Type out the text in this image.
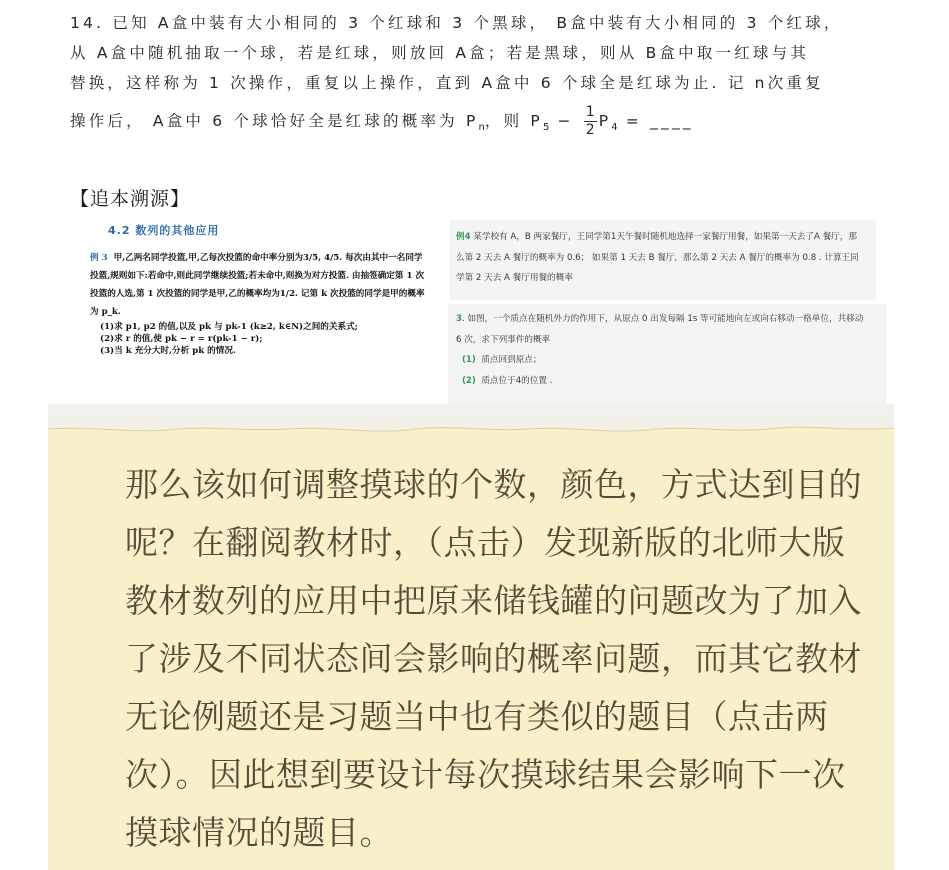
14. 已知 A盒中装有大小相同的 3 个红球和 3 个黑球， B盒中装有大小相同的 3 个红球，
从 A盒中随机抽取一个球，若是红球，则放回 A盒；若是黑球，则从 B盒中取一红球与其
替换，这样称为 1 次操作，重复以上操作，直到 A盒中 6 个球全是红球为止. 记 n次重复
操作后， A盒中 6 个球恰好全是红球的概率为 $P_n$，则 $P_5 - \frac{1}{2} P_4$ = ____
【追本溯源】
4.2 数列的其他应用
例 3 甲,乙两名同学投篮,甲,乙每次投篮的命中率分别为3/5, 4/5. 每次由其中一名同学
投篮,规则如下:若命中,则此同学继续投篮;若未命中,则换为对方投篮. 由抽签确定第 1 次
投篮的人选,第 1 次投篮的同学是甲,乙的概率均为1/2. 记第 k 次投篮的同学是甲的概率
为 p_k.
(1)求 p1, p2 的值,以及 pk 与 pk-1 (k≥2, k∈N)之间的关系式;
(2)求 r 的值,使 pk − r = r(pk-1 − r);
(3)当 k 充分大时,分析 pk 的情况.
例4 某学校有 A，B 两家餐厅，王同学第1天午餐时随机地选择一家餐厅用餐，如果第一天去了A 餐厅，那
么第 2 天去 A 餐厅的概率为 0.6； 如果第 1 天去 B 餐厅，那么第 2 天去 A 餐厅的概率为 0.8 . 计算王同
学第 2 天去 A 餐厅用餐的概率
3. 如图，一个质点在随机外力的作用下，从原点 0 出发每隔 1s 等可能地向左或向右移动一格单位，共移动
6 次，求下列事件的概率
(1) 质点回到原点；
(2) 质点位于4的位置 .
那么该如何调整摸球的个数，颜色，方式达到目的
呢？在翻阅教材时，（点击）发现新版的北师大版
教材数列的应用中把原来储钱罐的问题改为了加入
了涉及不同状态间会影响的概率问题，而其它教材
无论例题还是习题当中也有类似的题目（点击两
次）。因此想到要设计每次摸球结果会影响下一次
摸球情况的题目。
